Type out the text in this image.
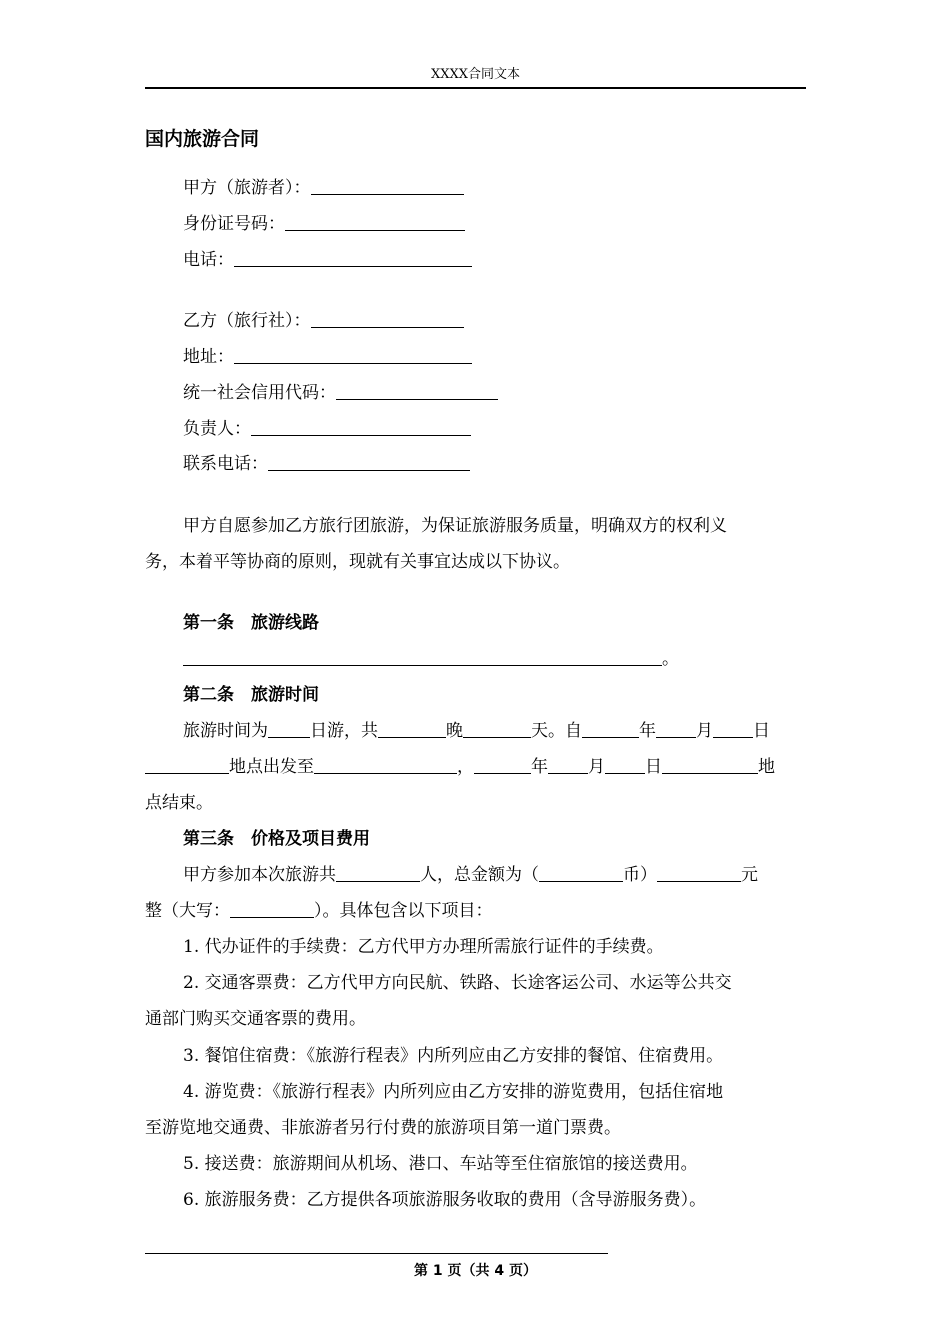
XXXX合同文本
国内旅游合同
甲方（旅游者）：
身份证号码：
电话：
乙方（旅行社）：
地址：
统一社会信用代码：
负责人：
联系电话：
甲方自愿参加乙方旅行团旅游，为保证旅游服务质量，明确双方的权利义
务，本着平等协商的原则，现就有关事宜达成以下协议。
第一条　旅游线路
。
第二条　旅游时间
旅游时间为 日游，共	晚	天。自	年 月 日
地点出发至	，	年 月 日	地
点结束。
第三条　价格及项目费用
甲方参加本次旅游共	人，总金额为（	币）	元
整（大写：	）。具体包含以下项目：
1. 代办证件的手续费：乙方代甲方办理所需旅行证件的手续费。
2. 交通客票费：乙方代甲方向民航、铁路、长途客运公司、水运等公共交
通部门购买交通客票的费用。
3. 餐馆住宿费：《旅游行程表》内所列应由乙方安排的餐馆、住宿费用。
4. 游览费：《旅游行程表》内所列应由乙方安排的游览费用，包括住宿地
至游览地交通费、非旅游者另行付费的旅游项目第一道门票费。
5. 接送费：旅游期间从机场、港口、车站等至住宿旅馆的接送费用。
6. 旅游服务费：乙方提供各项旅游服务收取的费用（含导游服务费）。
第 1 页（共 4 页）
